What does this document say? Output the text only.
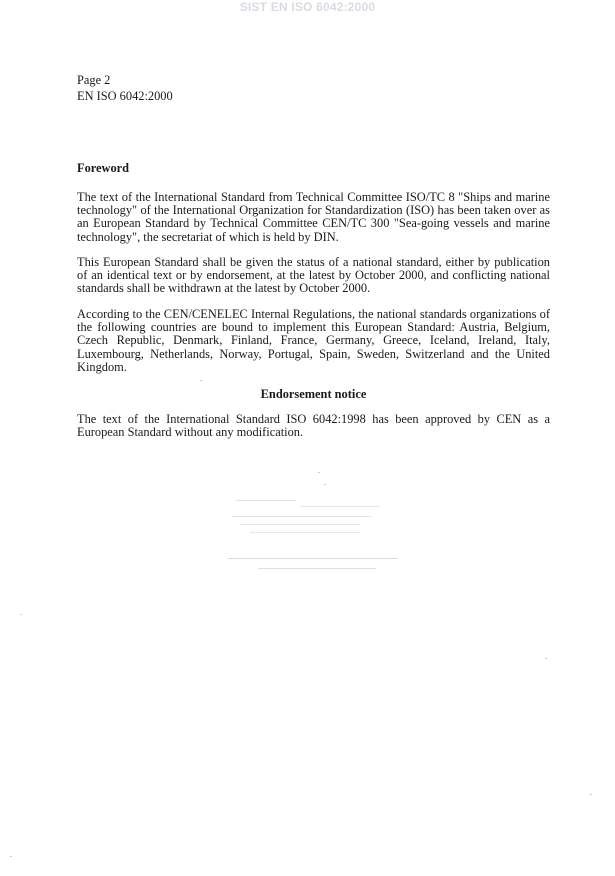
SIST EN ISO 6042:2000
Page 2
EN ISO 6042:2000
Foreword
The text of the International Standard from Technical Committee ISO/TC 8 "Ships and marine technology" of the International Organization for Standardization (ISO) has been taken over as an European Standard by Technical Committee CEN/TC 300 "Sea-going vessels and marine technology", the secretariat of which is held by DIN.
This European Standard shall be given the status of a national standard, either by publication of an identical text or by endorsement, at the latest by October 2000, and conflicting national standards shall be withdrawn at the latest by October 2000.
According to the CEN/CENELEC Internal Regulations, the national standards organizations of the following countries are bound to implement this European Standard: Austria, Belgium, Czech Republic, Denmark, Finland, France, Germany, Greece, Iceland, Ireland, Italy, Luxembourg, Netherlands, Norway, Portugal, Spain, Sweden, Switzerland and the United Kingdom.
Endorsement notice
The text of the International Standard ISO 6042:1998 has been approved by CEN as a European Standard without any modification.
